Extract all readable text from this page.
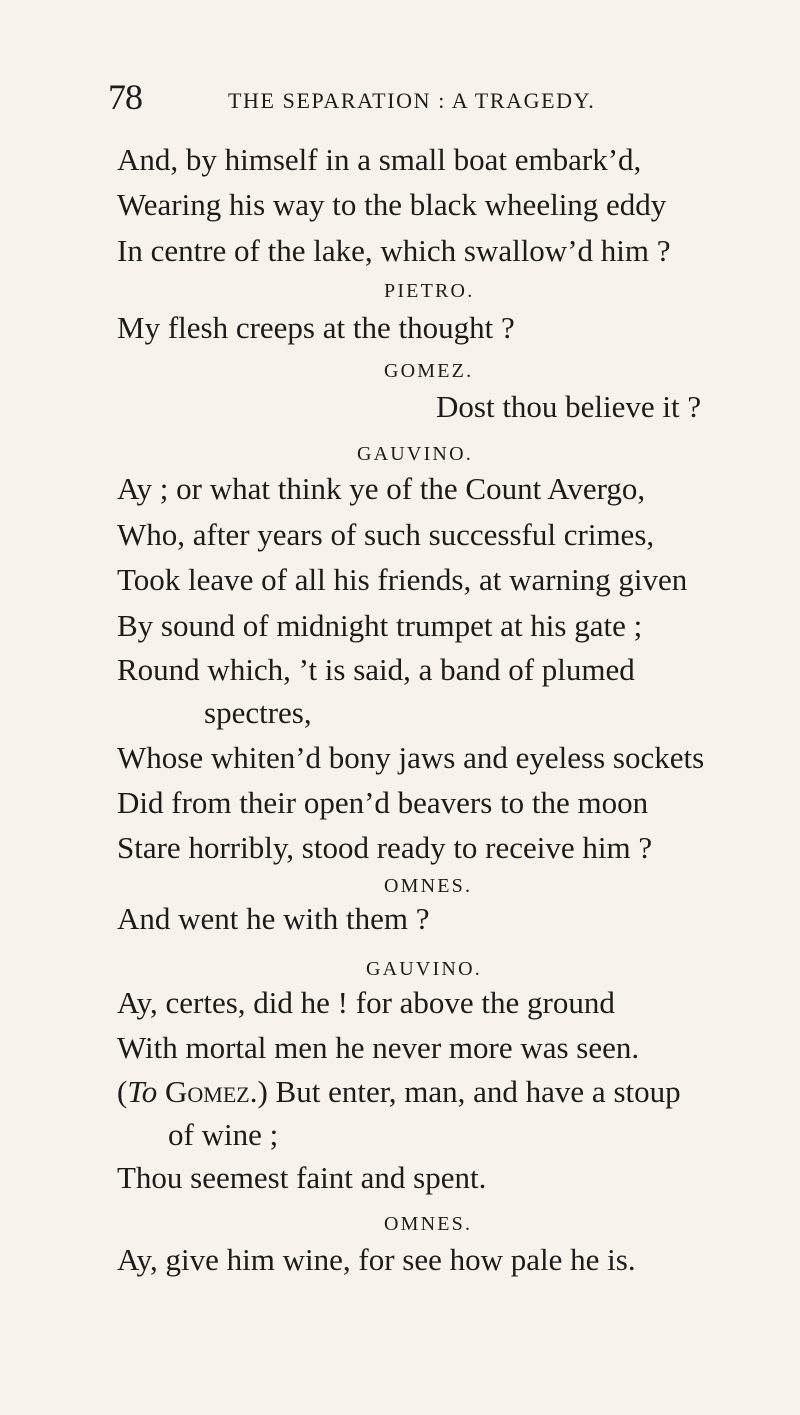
78	THE SEPARATION : A TRAGEDY.
And, by himself in a small boat embark’d,
Wearing his way to the black wheeling eddy
In centre of the lake, which swallow’d him ?
PIETRO.
My flesh creeps at the thought ?
GOMEZ.
Dost thou believe it ?
GAUVINO.
Ay ; or what think ye of the Count Avergo,
Who, after years of such successful crimes,
Took leave of all his friends, at warning given
By sound of midnight trumpet at his gate ;
Round which, ’t is said, a band of plumed
spectres,
Whose whiten’d bony jaws and eyeless sockets
Did from their open’d beavers to the moon
Stare horribly, stood ready to receive him ?
OMNES.
And went he with them ?
GAUVINO.
Ay, certes, did he ! for above the ground
With mortal men he never more was seen.
(To Gomez.) But enter, man, and have a stoup
of wine ;
Thou seemest faint and spent.
OMNES.
Ay, give him wine, for see how pale he is.
